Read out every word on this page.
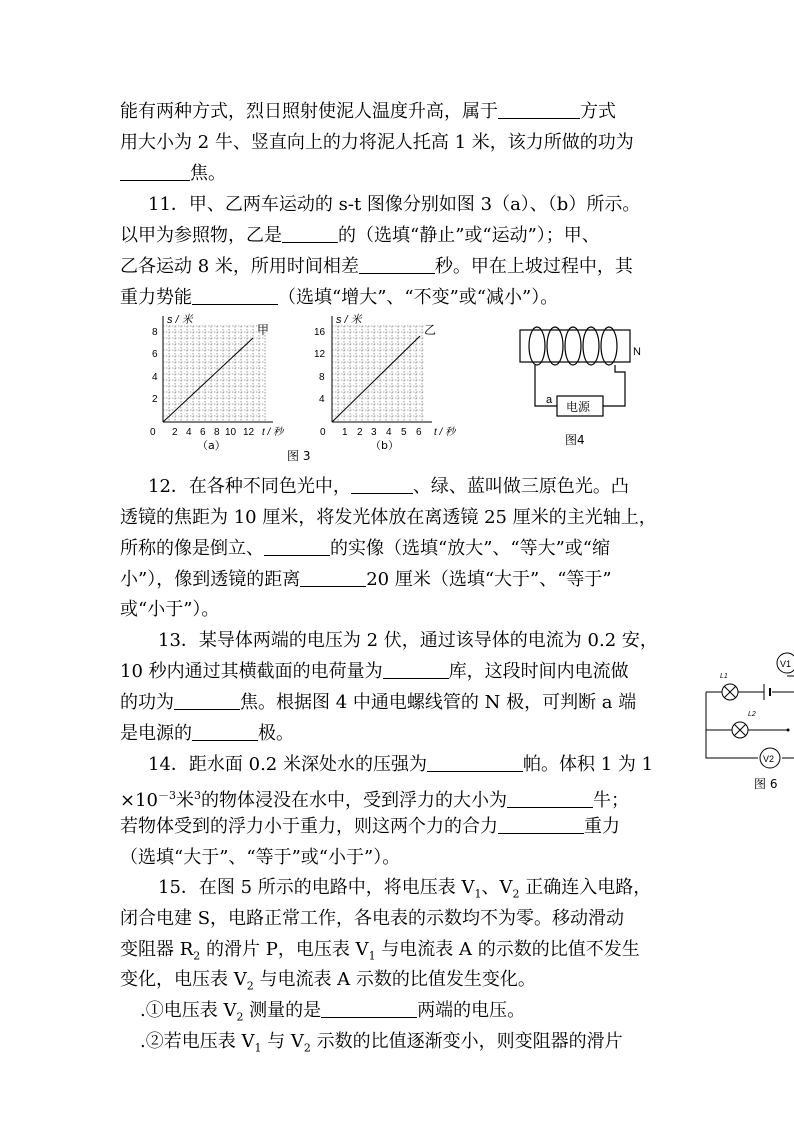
能有两种方式，烈日照射使泥人温度升高，属于	方式
用大小为 2 牛、竖直向上的力将泥人托高 1 米，该力所做的功为
焦。
11．甲、乙两车运动的 s-t 图像分别如图 3（a）、（b）所示。
以甲为参照物，乙是	的（选填“静止”或“运动”）；甲、
乙各运动 8 米，所用时间相差	秒。甲在上坡过程中，其
重力势能	（选填“增大”、“不变”或“减小”）。
s / 米
甲
8
6
4
2
0 2 4 6 8 10 12 t / 秒
（a）
s / 米
乙
16
12
8
4
0 1 2 3 4 5 6 t / 秒
（b）
图 3
电源
a
N
图4
L1
L2
V1
V2
图 6
12．在各种不同色光中，	、绿、蓝叫做三原色光。凸
透镜的焦距为 10 厘米，将发光体放在离透镜 25 厘米的主光轴上，
所称的像是倒立、	的实像（选填“放大”、“等大”或“缩
小”），像到透镜的距离	20 厘米（选填“大于”、“等于”
或“小于”）。
13．某导体两端的电压为 2 伏，通过该导体的电流为 0.2 安，
10 秒内通过其横截面的电荷量为	库，这段时间内电流做
的功为	焦。根据图 4 中通电螺线管的 N 极，可判断 a 端
是电源的	极。
14．距水面 0.2 米深处水的压强为	帕。体积 1 为 1
$\times 10^{-3}$米$^3$的物体浸没在水中，受到浮力的大小为	牛；
若物体受到的浮力小于重力，则这两个力的合力	重力
（选填“大于”、“等于”或“小于”）。
15．在图 5 所示的电路中，将电压表 $V_1$、$V_2$ 正确连入电路，
闭合电建 S，电路正常工作，各电表的示数均不为零。移动滑动
变阻器 $R_2$ 的滑片 P，电压表 $V_1$ 与电流表 A 的示数的比值不发生
变化，电压表 $V_2$ 与电流表 A 示数的比值发生变化。
.①电压表 $V_2$ 测量的是	两端的电压。
.②若电压表 $V_1$ 与 $V_2$ 示数的比值逐渐变小，则变阻器的滑片
